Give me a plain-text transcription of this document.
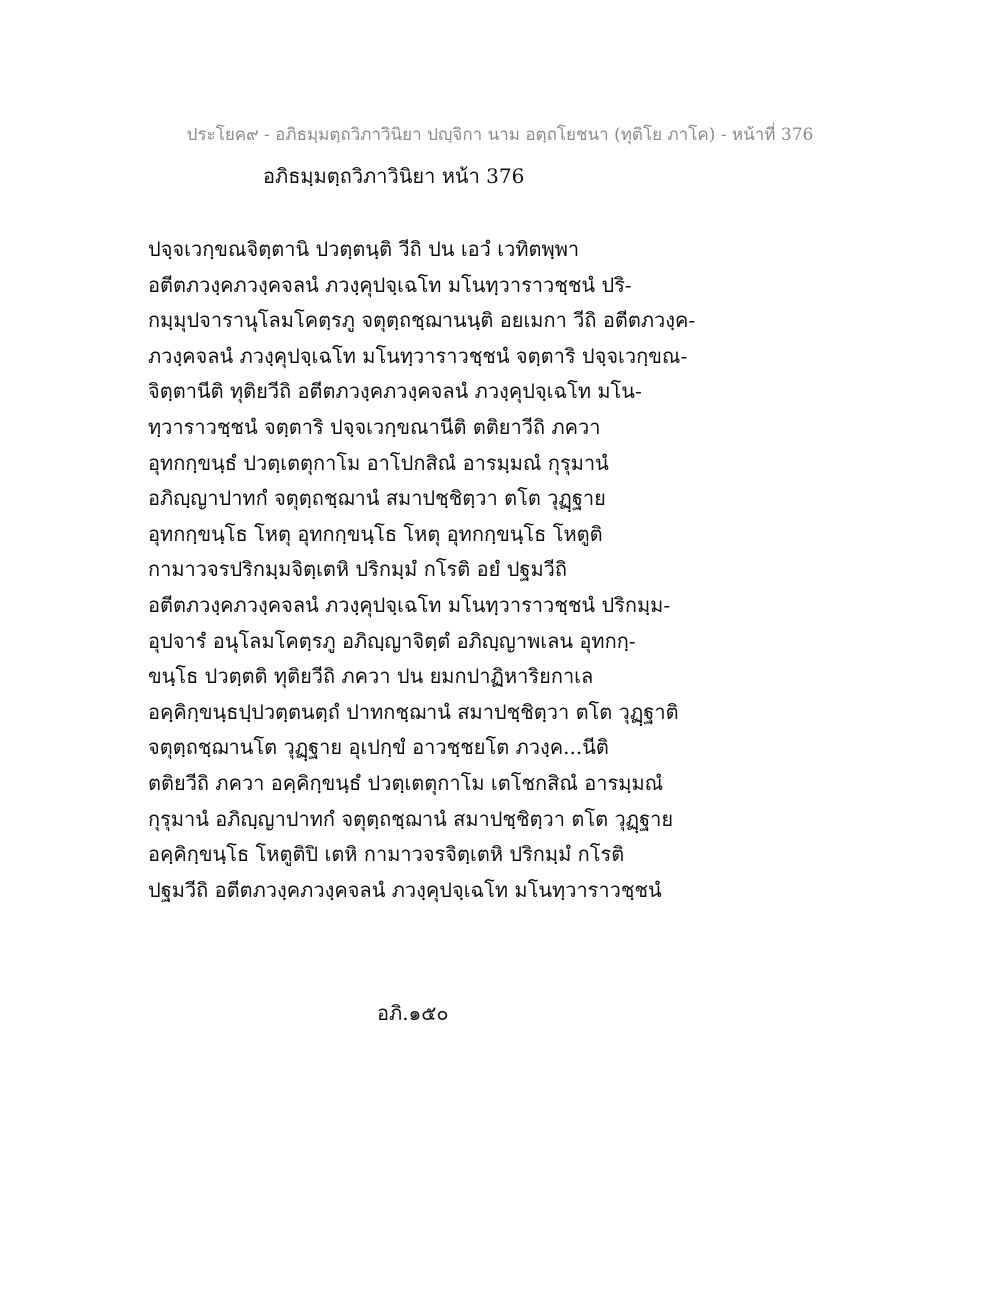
ประโยค๙ - อภิธมฺมตฺถวิภาวินิยา ปญฺจิกา นาม อตฺถโยชนา (ทุติโย ภาโค) - หน้าที่ 376
อภิธมฺมตฺถวิภาวินิยา หน้า 376
ปจฺจเวกฺขณจิตฺตานิ ปวตฺตนฺติ วีถิ ปน เอวํ เวทิตพฺพา
อตีตภวงฺคภวงฺคจลนํ ภวงฺคุปจฺเฉโท มโนทฺวาราวชฺชนํ ปริ-
กมฺมุปจารานุโลมโคตฺรภู จตุตฺถชฺฌานนฺติ อยเมกา วีถิ อตีตภวงฺค-
ภวงฺคจลนํ ภวงฺคุปจฺเฉโท มโนทฺวาราวชฺชนํ จตฺตาริ ปจฺจเวกฺขณ-
จิตฺตานีติ ทุติยวีถิ อตีตภวงฺคภวงฺคจลนํ ภวงฺคุปจฺเฉโท มโน-
ทฺวาราวชฺชนํ จตฺตาริ ปจฺจเวกฺขณานีติ ตติยาวีถิ ภควา
อุทกกฺขนฺธํ ปวตฺเตตุกาโม อาโปกสิณํ อารมฺมณํ กุรุมานํ
อภิญฺญาปาทกํ จตุตฺถชฺฌานํ สมาปชฺชิตฺวา ตโต วุฏฺฐาย
อุทกกฺขนฺโธ โหตุ อุทกกฺขนฺโธ โหตุ อุทกกฺขนฺโธ โหตูติ
กามาวจรปริกมฺมจิตฺเตหิ ปริกมฺมํ กโรติ อยํ ปฐมวีถิ
อตีตภวงฺคภวงฺคจลนํ ภวงฺคุปจฺเฉโท มโนทฺวาราวชฺชนํ ปริกมฺม-
อุปจารํ อนุโลมโคตฺรภู อภิญฺญาจิตฺตํ อภิญฺญาพเลน อุทกกฺ-
ขนฺโธ ปวตฺตติ ทุติยวีถิ ภควา ปน ยมกปาฏิหาริยกาเล
อคฺคิกฺขนฺธปฺปวตฺตนตฺถํ ปาทกชฺฌานํ สมาปชฺชิตฺวา ตโต วุฏฺฐาติ
จตุตฺถชฺฌานโต วุฏฺฐาย อุเปกฺขํ อาวชฺชยโต ภวงฺค...นีติ
ตติยวีถิ ภควา อคฺคิกฺขนฺธํ ปวตฺเตตุกาโม เตโชกสิณํ อารมฺมณํ
กุรุมานํ อภิญฺญาปาทกํ จตุตฺถชฺฌานํ สมาปชฺชิตฺวา ตโต วุฏฺฐาย
อคฺคิกฺขนฺโธ โหตูติปิ เตหิ กามาวจรจิตฺเตหิ ปริกมฺมํ กโรติ
ปฐมวีถิ อตีตภวงฺคภวงฺคจลนํ ภวงฺคุปจฺเฉโท มโนทฺวาราวชฺชนํ
อภิ.๑๕๐
